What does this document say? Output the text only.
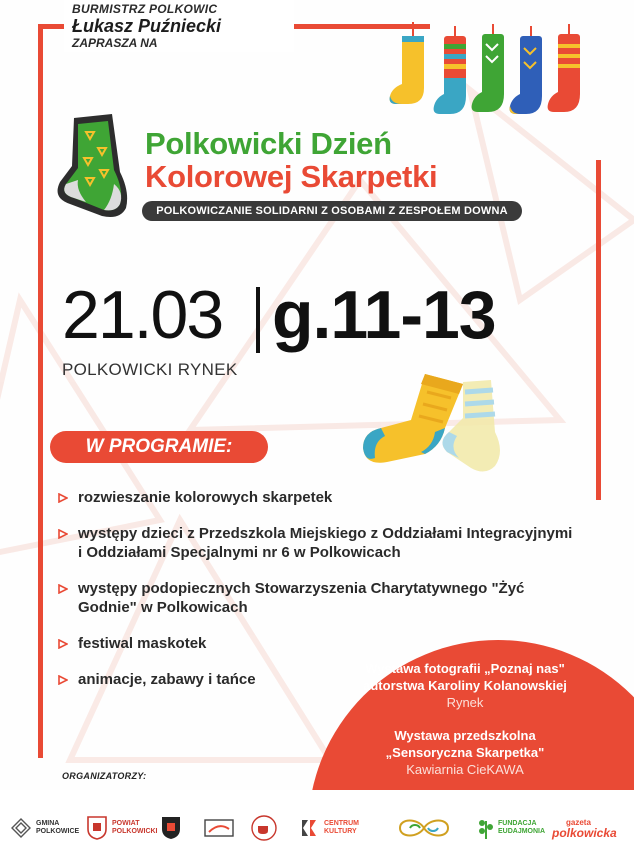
BURMISTRZ POLKOWIC
Łukasz Puźniecki
ZAPRASZA NA
Polkowicki Dzień
Kolorowej Skarpetki
POLKOWICZANIE SOLIDARNI Z OSOBAMI Z ZESPOŁEM DOWNA
21.03 g.11-13
POLKOWICKI RYNEK
W PROGRAMIE:
rozwieszanie kolorowych skarpetek
występy dzieci z Przedszkola Miejskiego z Oddziałami Integracyjnymi i Oddziałami Specjalnymi nr 6 w Polkowicach
występy podopiecznych Stowarzyszenia Charytatywnego "Żyć Godnie" w Polkowicach
festiwal maskotek
animacje, zabawy i tańce
Wystawa fotografii „Poznaj nas"
autorstwa Karoliny Kolanowskiej
Rynek
Wystawa przedszkolna
„Sensoryczna Skarpetka"
Kawiarnia CieKAWA
ORGANIZATORZY:
GMINA
POLKOWICE
POWIAT
POLKOWICKI
CENTRUM
KULTURY
FUNDACJA
EUDAJMONIA
gazeta
polkowicka
